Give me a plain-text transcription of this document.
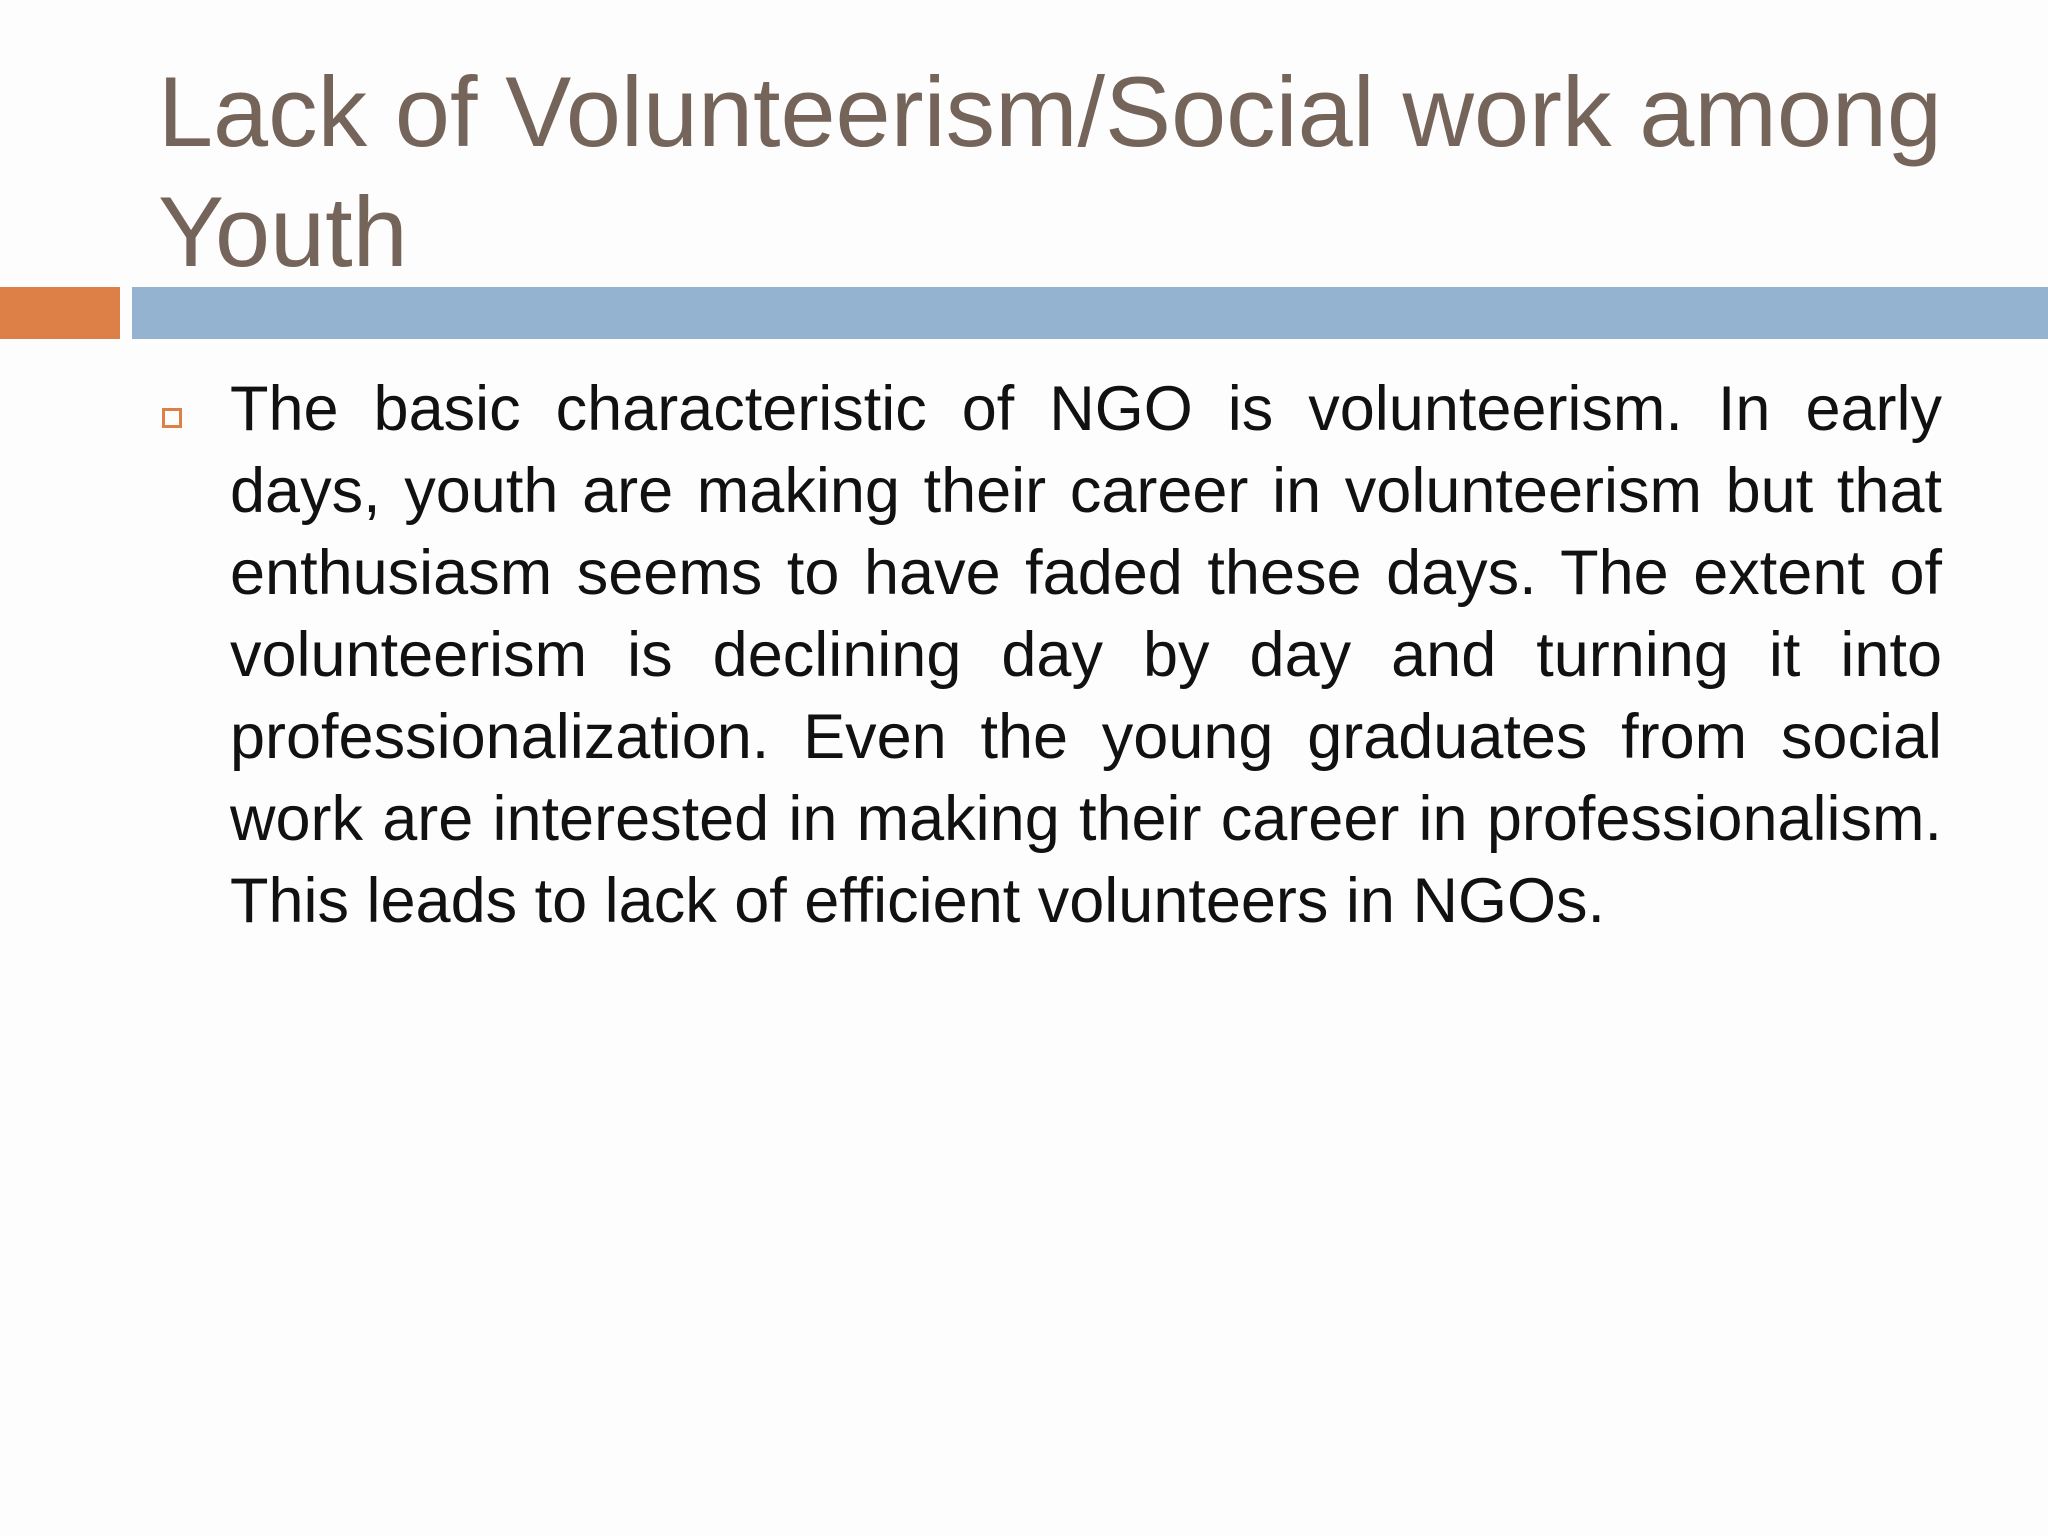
Lack of Volunteerism/Social work among Youth

The basic characteristic of NGO is volunteerism. In early days, youth are making their career in volunteerism but that enthusiasm seems to have faded these days. The extent of volunteerism is declining day by day and turning it into professionalization. Even the young graduates from social work are interested in making their career in professionalism. This leads to lack of efficient volunteers in NGOs.
